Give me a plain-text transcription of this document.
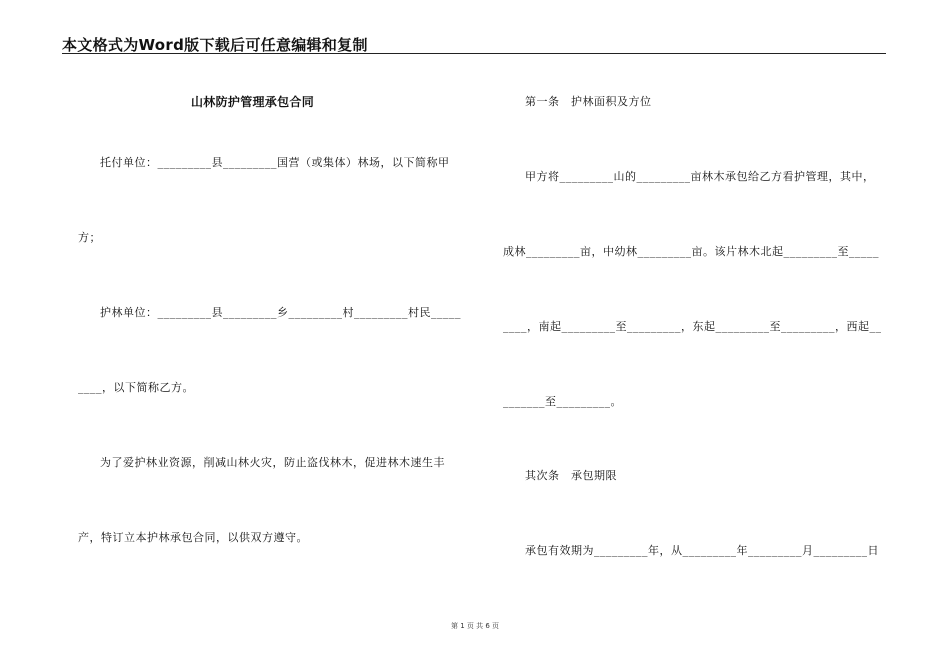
本文格式为Word版下载后可任意编辑和复制
山林防护管理承包合同
托付单位：_________县_________国营（或集体）林场，以下简称甲
方；
护林单位：_________县_________乡_________村_________村民_____
____，以下简称乙方。
为了爱护林业资源，削减山林火灾，防止盗伐林木，促进林木速生丰
产，特订立本护林承包合同，以供双方遵守。
第一条　护林面积及方位
甲方将_________山的_________亩林木承包给乙方看护管理，其中，
成林_________亩，中幼林_________亩。该片林木北起_________至_____
____，南起_________至_________，东起_________至_________，西起__
_______至_________。
其次条　承包期限
承包有效期为_________年，从_________年_________月_________日
第 1 页 共 6 页
